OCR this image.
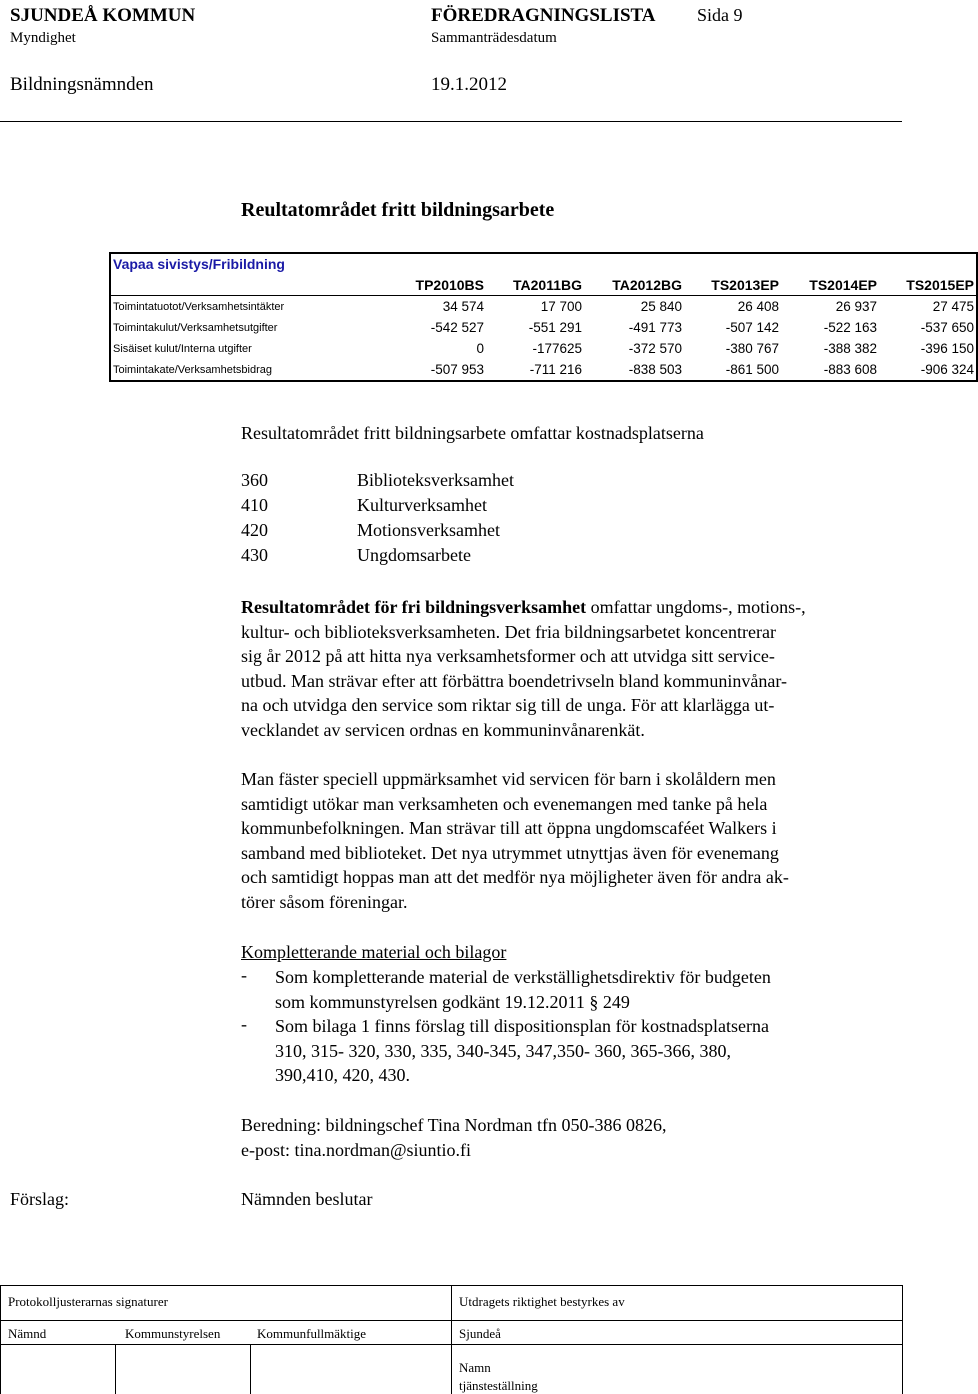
SJUNDEÅ KOMMUN	FÖREDRAGNINGSLISTA Sida 9
Myndighet	Sammanträdesdatum
Bildningsnämnden	19.1.2012
Reultatområdet fritt bildningsarbete
Vapaa sivistys/Fribildning						
	TP2010BS	TA2011BG	TA2012BG	TS2013EP	TS2014EP	TS2015EP
Toimintatuotot/Verksamhetsintäkter	34 574	17 700	25 840	26 408	26 937	27 475
Toimintakulut/Verksamhetsutgifter	-542 527	-551 291	-491 773	-507 142	-522 163	-537 650
Sisäiset kulut/Interna utgifter	0	-177625	-372 570	-380 767	-388 382	-396 150
Toimintakate/Verksamhetsbidrag	-507 953	-711 216	-838 503	-861 500	-883 608	-906 324
Resultatområdet fritt bildningsarbete omfattar kostnadsplatserna
360	Biblioteksverksamhet
410	Kulturverksamhet
420	Motionsverksamhet
430	Ungdomsarbete
Resultatområdet för fri bildningsverksamhet omfattar ungdoms-, motions-,
kultur- och biblioteksverksamheten. Det fria bildningsarbetet koncentrerar
sig år 2012 på att hitta nya verksamhetsformer och att utvidga sitt service-
utbud. Man strävar efter att förbättra boendetrivseln bland kommuninvånar-
na och utvidga den service som riktar sig till de unga. För att klarlägga ut-
vecklandet av servicen ordnas en kommuninvånarenkät.
Man fäster speciell uppmärksamhet vid servicen för barn i skolåldern men
samtidigt utökar man verksamheten och evenemangen med tanke på hela
kommunbefolkningen. Man strävar till att öppna ungdomscaféet Walkers i
samband med biblioteket. Det nya utrymmet utnyttjas även för evenemang
och samtidigt hoppas man att det medför nya möjligheter även för andra ak-
törer såsom föreningar.
Kompletterande material och bilagor
- Som kompletterande material de verkställighetsdirektiv för budgeten
som kommunstyrelsen godkänt 19.12.2011 § 249
- Som bilaga 1 finns förslag till dispositionsplan för kostnadsplatserna
310, 315- 320, 330, 335, 340-345, 347,350- 360, 365-366, 380,
390,410, 420, 430.
Beredning: bildningschef Tina Nordman tfn 050-386 0826,
e-post: tina.nordman@siuntio.fi
Förslag:	Nämnden beslutar
Protokolljusterarnas signaturer	Utdragets riktighet bestyrkes av
Nämnd	Kommunstyrelsen	Kommunfullmäktige	Sjundeå
Namn
tjänsteställning
